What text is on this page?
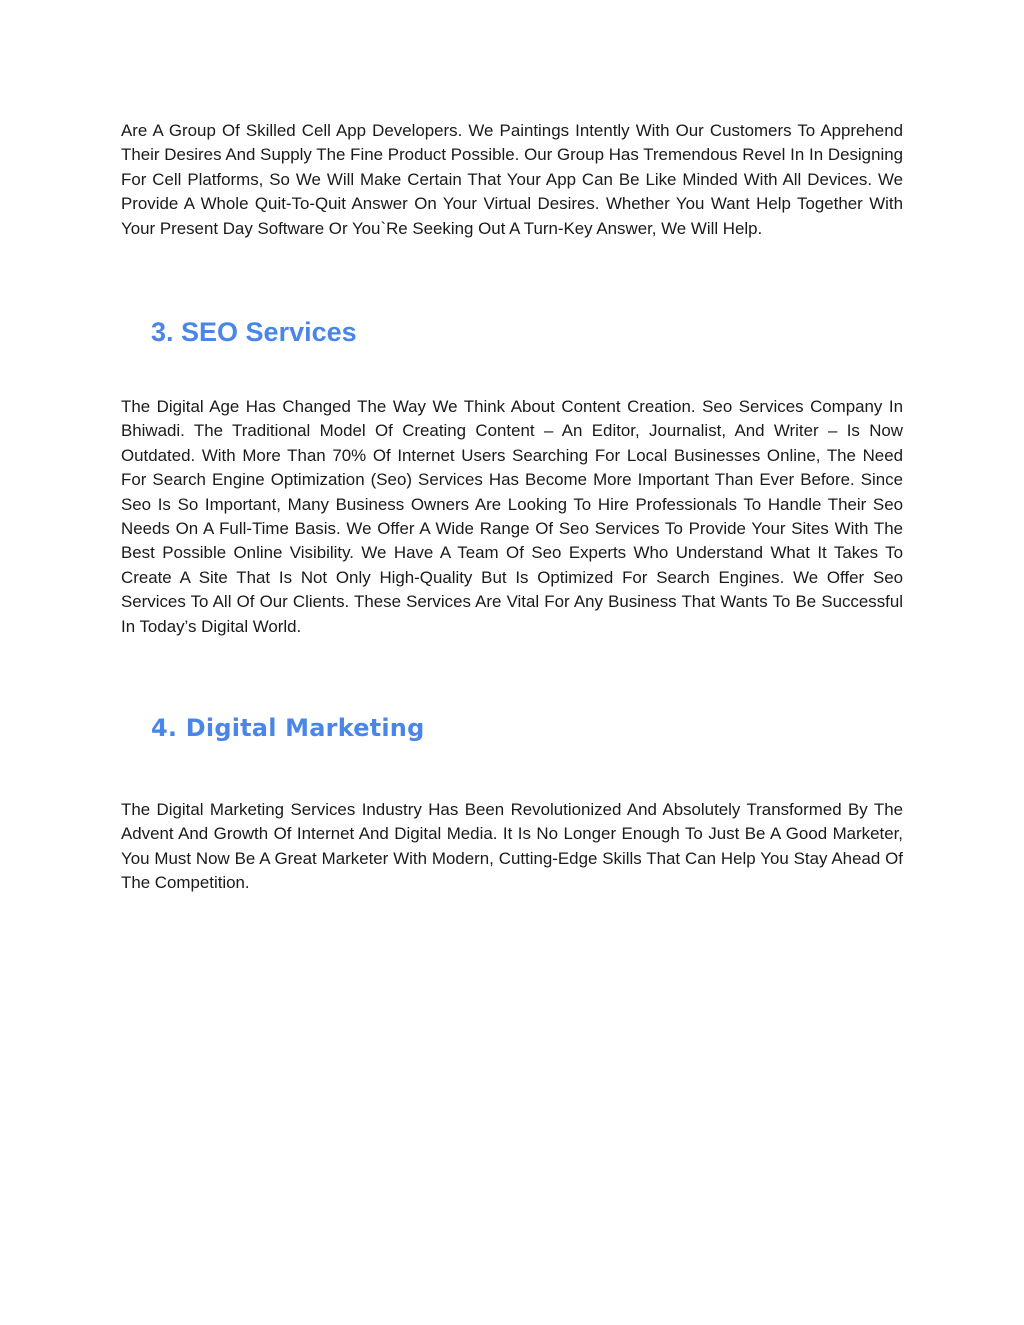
Are A Group Of Skilled Cell App Developers. We Paintings Intently With Our Customers To Apprehend Their Desires And Supply The Fine Product Possible. Our Group Has Tremendous Revel In In Designing For Cell Platforms, So We Will Make Certain That Your App Can Be Like Minded With All Devices. We Provide A Whole Quit-To-Quit Answer On Your Virtual Desires. Whether You Want Help Together With Your Present Day Software Or You`Re Seeking Out A Turn-Key Answer, We Will Help.

3. SEO Services

The Digital Age Has Changed The Way We Think About Content Creation. Seo Services Company In Bhiwadi. The Traditional Model Of Creating Content – An Editor, Journalist, And Writer – Is Now Outdated. With More Than 70% Of Internet Users Searching For Local Businesses Online, The Need For Search Engine Optimization (Seo) Services Has Become More Important Than Ever Before. Since Seo Is So Important, Many Business Owners Are Looking To Hire Professionals To Handle Their Seo Needs On A Full-Time Basis. We Offer A Wide Range Of Seo Services To Provide Your Sites With The Best Possible Online Visibility. We Have A Team Of Seo Experts Who Understand What It Takes To Create A Site That Is Not Only High-Quality But Is Optimized For Search Engines. We Offer Seo Services To All Of Our Clients. These Services Are Vital For Any Business That Wants To Be Successful In Today’s Digital World.

4. Digital Marketing

The Digital Marketing Services Industry Has Been Revolutionized And Absolutely Transformed By The Advent And Growth Of Internet And Digital Media. It Is No Longer Enough To Just Be A Good Marketer, You Must Now Be A Great Marketer With Modern, Cutting-Edge Skills That Can Help You Stay Ahead Of The Competition.
